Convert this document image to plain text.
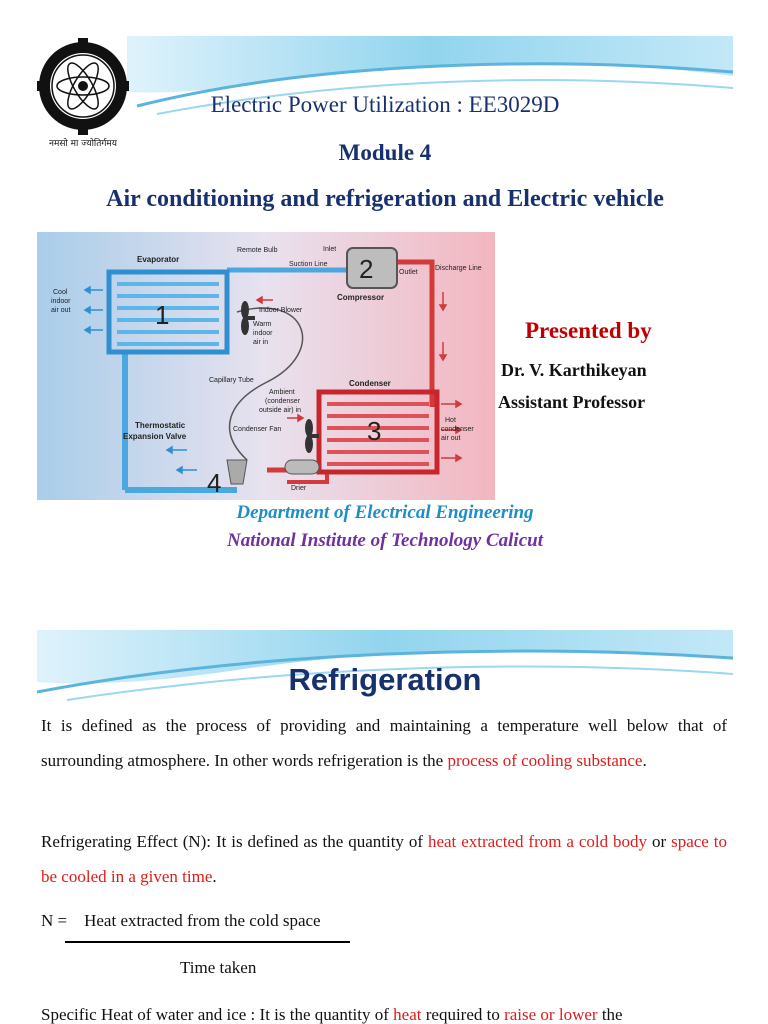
नमसो मा ज्योतिर्गमय
Electric Power Utilization : EE3029D
Module 4
Air conditioning and refrigeration and Electric vehicle
1
2
3
4
Evaporator
Remote Bulb	Inlet
Outlet
Suction Line
Discharge Line
Compressor
Cool
indoor
air out	Indoor Blower
Warm
indoor
air in
Capillary Tube	Condenser
Ambient
(condenser
outside air) in
Condenser Fan
Hot
condenser
air out
Thermostatic
Expansion Valve
Drier
Presented by
Dr. V. Karthikeyan
Assistant Professor
Department of Electrical Engineering
National Institute of Technology Calicut
Refrigeration
It is defined as the process of providing and maintaining a temperature well below that of surrounding atmosphere. In other words refrigeration is the process of cooling substance.
Refrigerating Effect (N): It is defined as the quantity of heat extracted from a cold body or space to be cooled in a given time.
N =    Heat extracted from the cold space
Time taken
Specific Heat of water and ice : It is the quantity of heat required to raise or lower the
